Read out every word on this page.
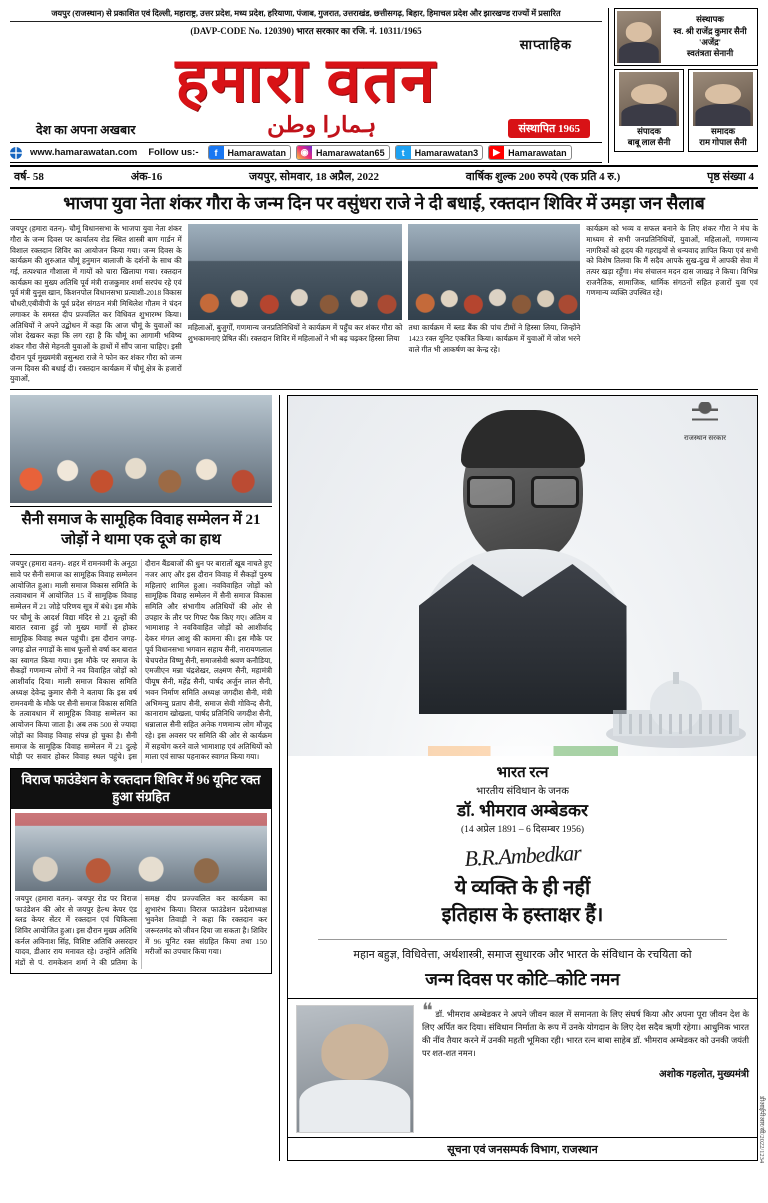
जयपुर (राजस्थान) से प्रकाशित एवं दिल्ली, महाराष्ट्र, उत्तर प्रदेश, मध्य प्रदेश, हरियाणा, पंजाब, गुजरात, उत्तराखंड, छत्तीसगढ़, बिहार, हिमाचल प्रदेश और झारखण्ड राज्यों में प्रसारित
(DAVP-CODE No. 120390) भारत सरकार का रजि. नं. 10311/1965
साप्ताहिक
हमारा वतन
देश का अपना अखबार	ہمارا وطن	संस्थापित 1965
www.hamarawatan.com Follow us:-	f	Hamarawatan	◉ Hamarawatan65	t	Hamarawatan3	▶ Hamarawatan
संस्थापक
स्व. श्री राजेंद्र कुमार सैनी 'अजेंद्र'
स्वतंत्रता सेनानी
संपादक
बाबू लाल सैनी
समादक
राम गोपाल सैनी
वर्ष- 58	अंक-16	जयपुर, सोमवार, 18 अप्रैल, 2022	वार्षिक शुल्क 200 रुपये (एक प्रति 4 रु.)	पृष्ठ संख्या 4
भाजपा युवा नेता शंकर गौरा के जन्म दिन पर वसुंधरा राजे ने दी बधाई, रक्तदान शिविर में उमड़ा जन सैलाब
जयपुर (हमारा वतन)- चौमूं विधानसभा के भाजपा युवा नेता शंकर गौरा के जन्म दिवस पर कार्यालय रोड स्थित शास्त्री बाग गार्डन में विशाल रक्तदान शिविर का आयोजन किया गया। जन्म दिवस के कार्यक्रम की शुरुआत चौमूं हनुमान बालाजी के दर्शनों के साथ की गई, तत्पश्चात गौशाला में गायों को चारा खिलाया गया। रक्तदान कार्यक्रम का मुख्य अतिथि पूर्व मंत्री राजकुमार शर्मा सरपंच रहे एवं पूर्व मंत्री युनूस खान, किशनपोल विधानसभा प्रत्याशी-2018 विकास चौधरी,एबीवीपी के पूर्व प्रदेश संगठन मंत्री मिथिलेश गौतम ने चंदन लगाकर के समस्त दीप प्रज्वलित कर विधिवत शुभारम्भ किया। अतिथियों ने अपने उद्बोधन में कहा कि आज चौमूं के युवाओं का जोश देखकर कहा कि लग रहा है कि चौमूं का आगामी भविष्य शंकर गौरा जैसे मेहनती युवाओं के हाथों में सौंप जाना चाहिए। इसी दौरान पूर्व मुख्यमंत्री वसुन्धरा राजे ने फोन कर शंकर गौरा को जन्म जन्म दिवस की बधाई दी। रक्तदान कार्यक्रम में चौमूं क्षेत्र के हजारों युवाओं,
महिलाओं, बुजुर्गों, गणमान्य जनप्रतिनिधियों ने कार्यक्रम में पहुँच कर शंकर गौरा को शुभकामनाएं प्रेषित कीं। रक्तदान शिविर में महिलाओं ने भी बढ़ चढ़कर हिस्सा लिया
तथा कार्यक्रम में ब्लड बैंक की पांच टीमों ने हिस्सा लिया, जिन्होंने 1423 रक्त यूनिट एकत्रित किया। कार्यक्रम में युवाओं में जोश भरने वाले गीत भी आकर्षण का केन्द्र रहे।
कार्यक्रम को भव्य व सफल बनाने के लिए शंकर गौरा ने मंच के माध्यम से सभी जनप्रतिनिधियों, युवाओं, महिलाओं, गणमान्य नागरिकों को हृदय की गहराइयों से धन्यवाद ज्ञापित किया एवं सभी को विशेष तिलवा कि मैं सदैव आपके सुख-दुख में आपकी सेवा में तत्पर खड़ा रहूँगा। मंच संचालन मदन दास जाखड़ ने किया। विभिन्न राजनैतिक, सामाजिक, धार्मिक संगठनों सहित हजारों युवा एवं गणमान्य व्यक्ति उपस्थित रहे।
सैनी समाज के सामूहिक विवाह सम्मेलन में 21 जोड़ों ने थामा एक दूजे का हाथ
जयपुर (हमारा वतन)- शहर में रामनवमी के अनूठा सावे पर सैनी समाज का सामूहिक विवाह सम्मेलन आयोजित हुआ। माली समाज विकास समिति के तत्वावधान में आयोजित 15 वें सामूहिक विवाह सम्मेलन में 21 जोड़े परिणय सूत्र में बंधे। इस मौके पर चौमूं के आदर्श विद्या मंदिर से 21 दूल्हों की बारात रवाना हुई जो मुख्य मार्गों से होकर सामूहिक विवाह स्थल पहुंची। इस दौरान जगह-जगह ढोल नगाड़ों के साथ फूलों से वर्षा कर बारात का स्वागत किया गया। इस मौके पर समाज के सैकड़ों गणमान्य लोगों ने नव विवाहित जोड़ों को आशीर्वाद दिया। माली समाज विकास समिति अध्यक्ष देवेन्द्र कुमार सैनी ने बताया कि इस वर्ष रामनवमी के मौके पर सैनी समाज विकास समिति के तत्वावधान में सामूहिक विवाह सम्मेलन का आयोजन किया जाता है। अब तक 500 से ज्यादा जोड़ों का विवाह विवाह संपन्न हो चुका है। सैनी समाज के सामूहिक विवाह सम्मेलन में 21 दुल्हे घोड़ी पर सवार होकर विवाह स्थल पहुंचे। इस दौरान बैंडबाजों की धुन पर बारातों खूब नाचते हुए नजर आए और इस दौरान विवाह में सैकड़ों पुरुष महिलाएं शामिल हुआ। नवविवाहित जोड़ों को सामूहिक विवाह सम्मेलन में सैनी समाज विकास समिति और संभागीय अतिथियों की ओर से उपहार के तौर पर गिफ्ट पैक किए गए। अंतिम व भामाशाह ने नवविवाहित जोड़ों को आशीर्वाद देकर मंगल आशु की कामना की। इस मौके पर पूर्व विधानसभा भगवान सहाय सैनी, नारायणलाल चेचपरोत विष्णु सैनी, समाजसेवी श्रवण कनौडिया, एमजीएन मन्ना चंद्रशेखर, लक्ष्मण सैनी, महामंत्री पीयूष सैनी, महेंद्र सैनी, पार्षद अर्जुन लाल सैनी, भवन निर्माण समिति अध्यक्ष जगदीश सैनी, मंत्री अभिमन्यु प्रताप सैनी, समाज सेवी गोविन्द सैनी, कानाराम खोखला, पार्षद प्रतिनिधि जगदीश सैनी, धन्नालाल सैनी सहित अनेक गणमान्य लोग मौजूद रहे। इस अवसर पर समिति की ओर से कार्यक्रम में सहयोग करने वाले भामाशाह एवं अतिथियों को माला एवं साफा पहनाकर स्वागत किया गया।
विराज फाउंडेशन के रक्तदान शिविर में 96 यूनिट रक्त हुआ संग्रहित
जयपुर (हमारा वतन)- जयपुर रोड पर विराज फाउंडेशन की ओर से जयपुर हेल्थ केयर एंड ब्लड केयर सेंटर में रक्तदान एवं चिकित्सा शिविर आयोजित हुआ। इस दौरान मुख्य अतिथि कर्नल अविनाश सिंह, विशिष्ट अतिथि असरदार यादव, डीआर राय मनावत रहे। उन्होंने अतिथि मंडों से पं. रामकेशन शर्मा ने की प्रतिमा के समक्ष दीप प्रज्ज्वलित कर कार्यक्रम का शुभारंभ किया। विराज फाउंडेशन प्रदेशाध्यक्ष भुवनेश तिवाड़ी ने कहा कि रक्तदान कर जरूरतमंद को जीवन दिया जा सकता है। शिविर में 96 यूनिट रक्त संग्रहित किया तथा 150 मरीजों का उपचार किया गया।
राजस्थान सरकार
भारत रत्न
भारतीय संविधान के जनक
डॉ. भीमराव अम्बेडकर
(14 अप्रेल 1891 – 6 दिसम्बर 1956)
B.R.Ambedkar
ये व्यक्ति के ही नहीं
इतिहास के हस्ताक्षर हैं।
महान बहुज्ञ, विधिवेत्ता, अर्थशास्त्री, समाज सुधारक और भारत के संविधान के रचयिता को
जन्म दिवस पर कोटि–कोटि नमन
❝ डॉ. भीमराव अम्बेडकर ने अपने जीवन काल में समानता के लिए संघर्ष किया और अपना पूरा जीवन देश के लिए अर्पित कर दिया। संविधान निर्माता के रूप में उनके योगदान के लिए देश सदैव ऋणी रहेगा। आधुनिक भारत की नींव तैयार करने में उनकी महती भूमिका रही। भारत रत्न बाबा साहेब डॉ. भीमराव अम्बेडकर को उनकी जयंती पर शत-शत नमन।
अशोक गहलोत, मुख्यमंत्री
सूचना एवं जनसम्पर्क विभाग, राजस्थान	डीआईपीआर/सी/2022/1234
